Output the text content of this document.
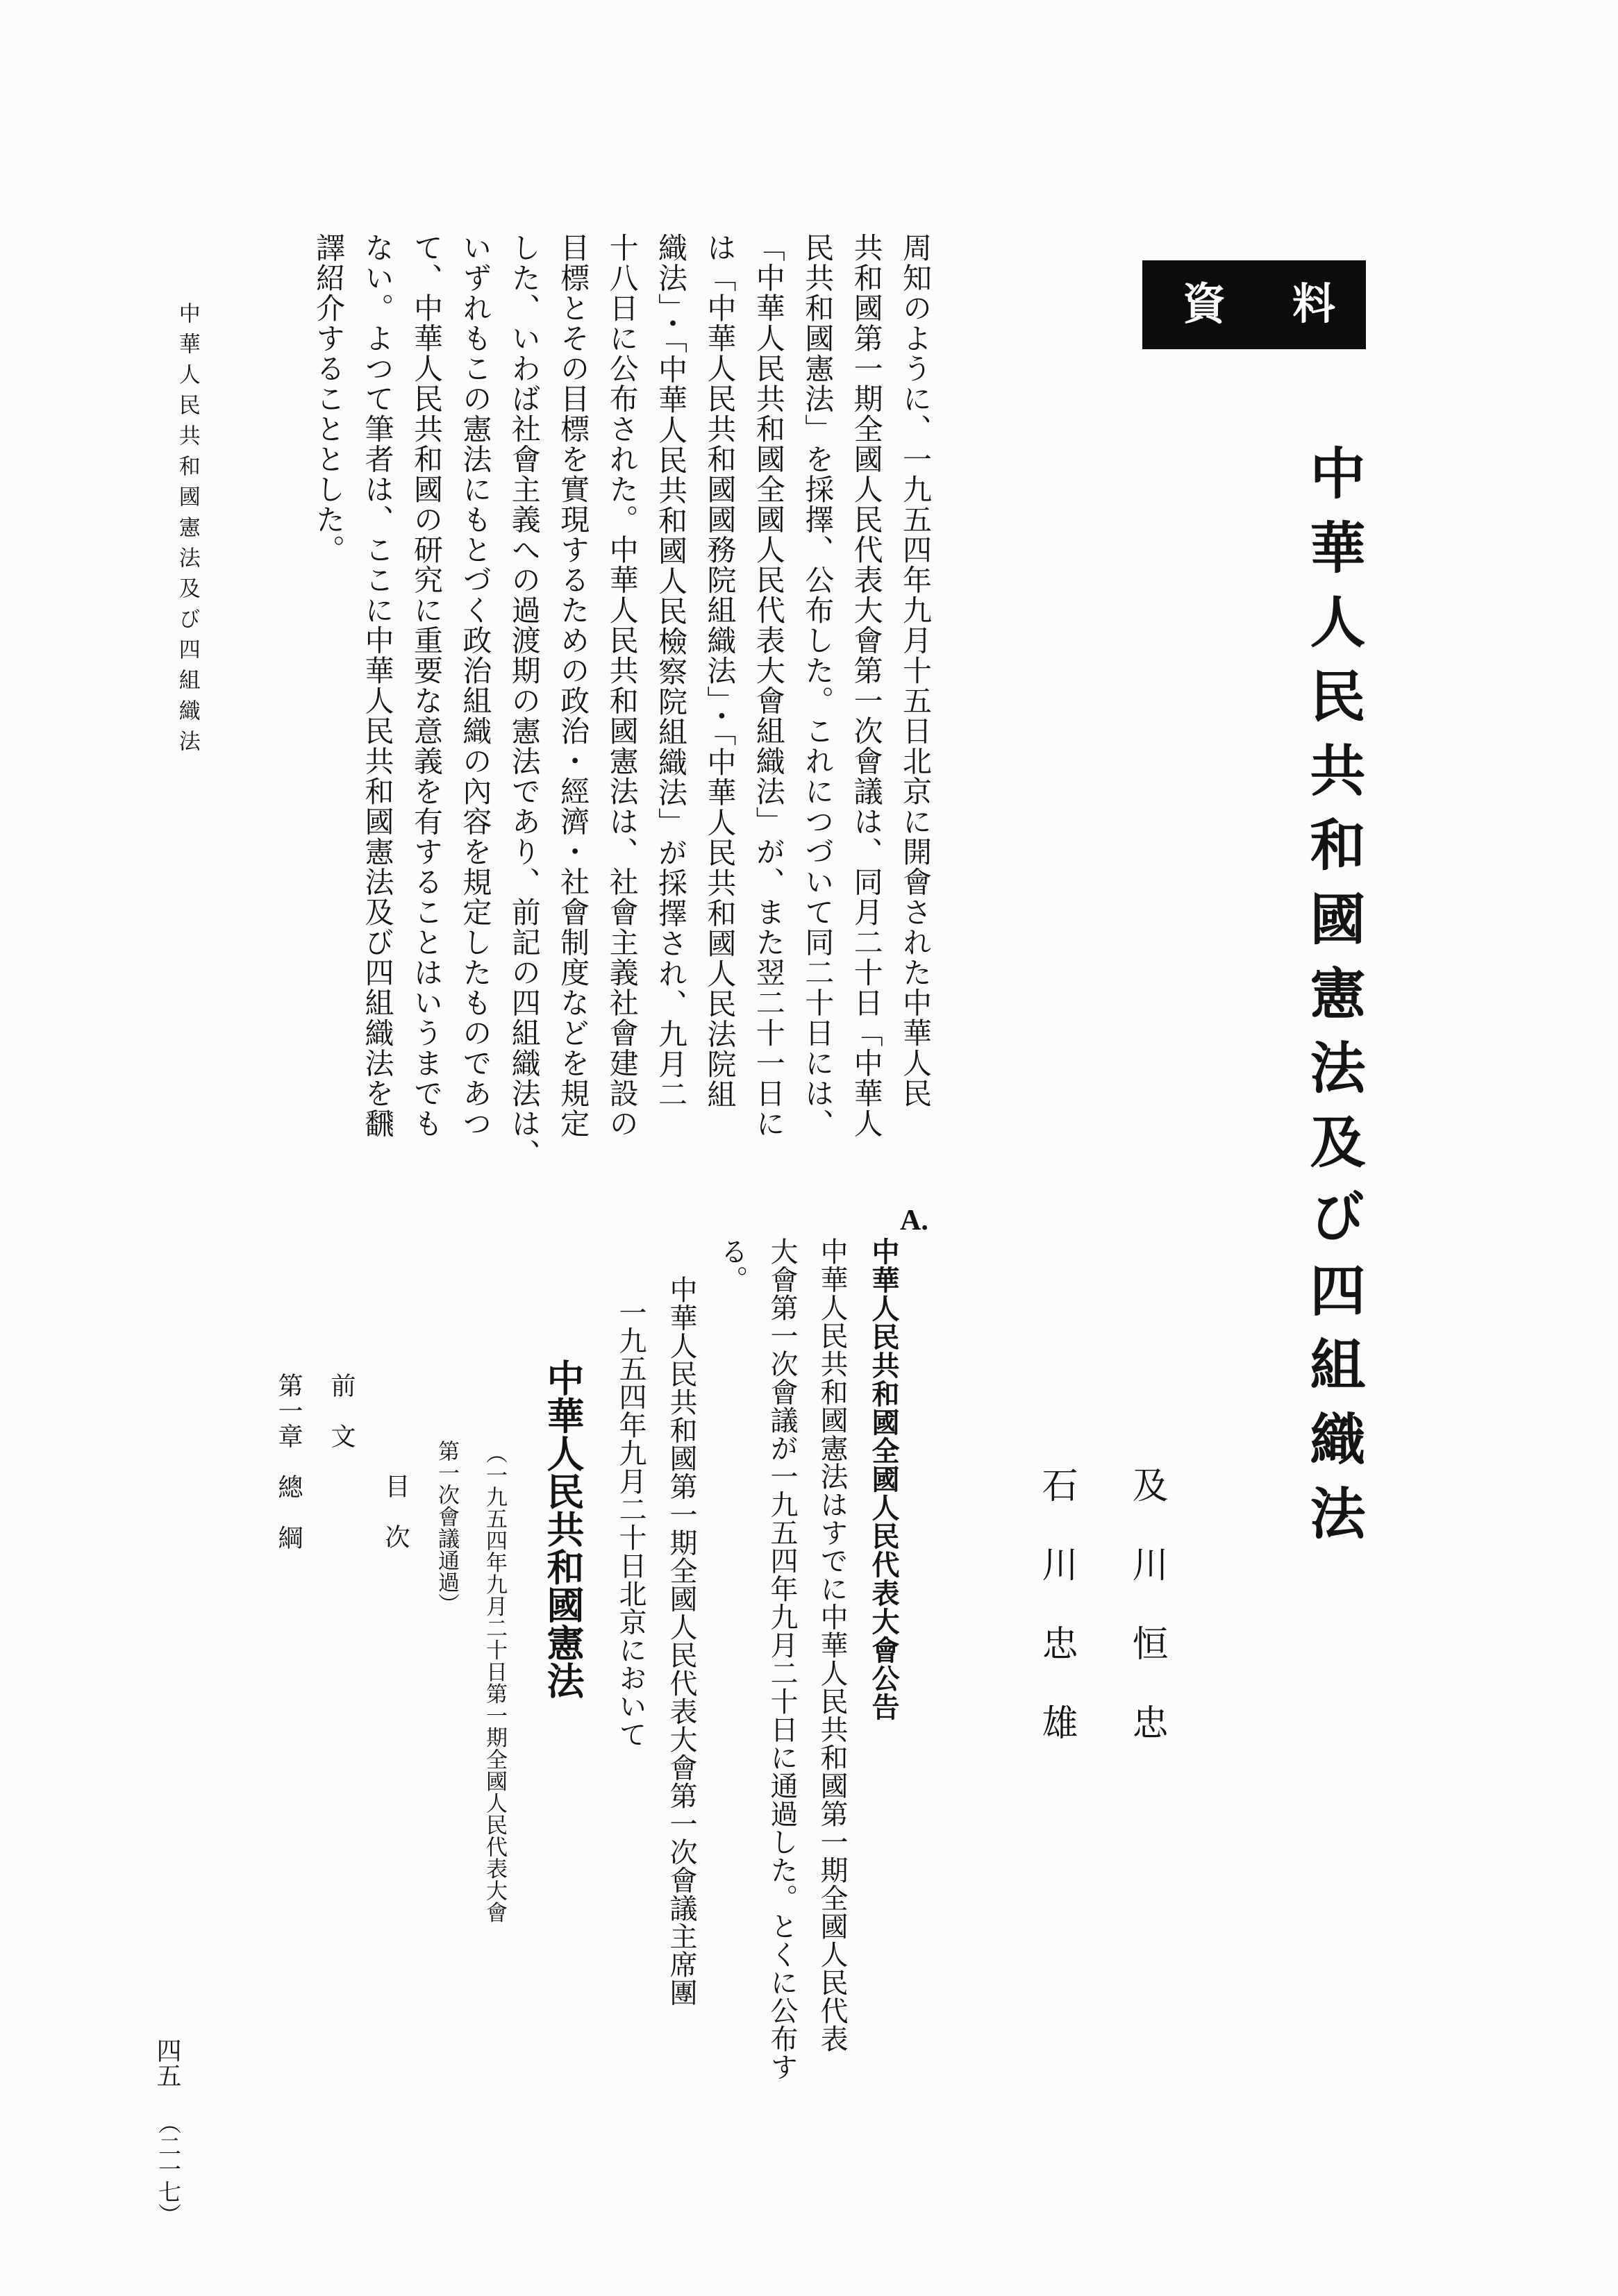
資料
中華人民共和國憲法及び四組織法

及川恒忠

石川忠雄

周知のように、一九五四年九月十五日北京に開會された中華人民

共和國第一期全國人民代表大會第一次會議は、同月二十日「中華人

民共和國憲法」を採擇、公布した。これにつづいて同二十日には、

「中華人民共和國全國人民代表大會組織法」が、また翌二十一日に

は「中華人民共和國國務院組織法」・「中華人民共和國人民法院組

織法」・「中華人民共和國人民檢察院組織法」が採擇され、九月二

十八日に公布された。中華人民共和國憲法は、社會主義社會建設の

目標とその目標を實現するための政治・經濟・社會制度などを規定

した、いわば社會主義への過渡期の憲法であり、前記の四組織法は、

いずれもこの憲法にもとづく政治組織の內容を規定したものであつ

て、中華人民共和國の研究に重要な意義を有することはいうまでも

ない。よつて筆者は、ここに中華人民共和國憲法及び四組織法を飜

譯紹介することとした。

中華人民共和國憲法及び四組織法
A.

中華人民共和國全國人民代表大會公告

中華人民共和國憲法はすでに中華人民共和國第一期全國人民代表

大會第一次會議が一九五四年九月二十日に通過した。とくに公布す

る。

中華人民共和國第一期全國人民代表大會第一次會議主席團

一九五四年九月二十日北京において

中華人民共和國憲法

（一九五四年九月二十日第一期全國人民代表大會

第一次會議通過）

目　次

前　文

第一章　總　綱

四五（二一七）
